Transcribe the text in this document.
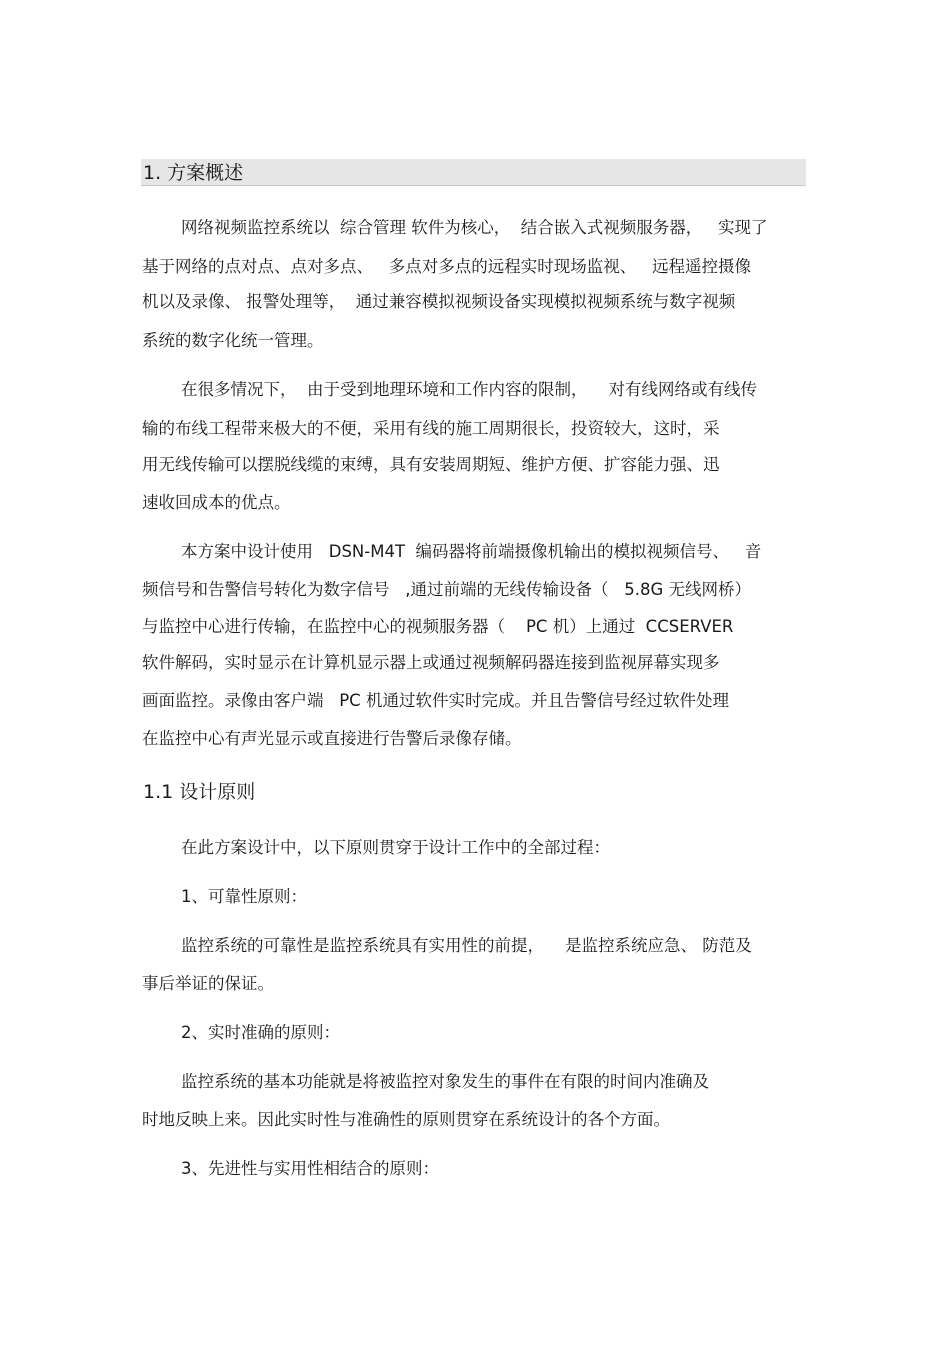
1. 方案概述
网络视频监控系统以  综合管理 软件为核心，  结合嵌入式视频服务器，   实现了
基于网络的点对点、点对多点、   多点对多点的远程实时现场监视、   远程遥控摄像
机以及录像、 报警处理等，  通过兼容模拟视频设备实现模拟视频系统与数字视频
系统的数字化统一管理。
在很多情况下，  由于受到地理环境和工作内容的限制，    对有线网络或有线传
输的布线工程带来极大的不便，采用有线的施工周期很长，投资较大，这时，采
用无线传输可以摆脱线缆的束缚，具有安装周期短、维护方便、扩容能力强、迅
速收回成本的优点。
本方案中设计使用   DSN-M4T  编码器将前端摄像机输出的模拟视频信号、   音
频信号和告警信号转化为数字信号   ,通过前端的无线传输设备（   5.8G 无线网桥）
与监控中心进行传输，在监控中心的视频服务器（    PC 机）上通过  CCSERVER
软件解码，实时显示在计算机显示器上或通过视频解码器连接到监视屏幕实现多
画面监控。录像由客户端   PC 机通过软件实时完成。并且告警信号经过软件处理
在监控中心有声光显示或直接进行告警后录像存储。
1.1 设计原则
在此方案设计中，以下原则贯穿于设计工作中的全部过程：
1、可靠性原则：
监控系统的可靠性是监控系统具有实用性的前提，    是监控系统应急、 防范及
事后举证的保证。
2、实时准确的原则：
监控系统的基本功能就是将被监控对象发生的事件在有限的时间内准确及
时地反映上来。因此实时性与准确性的原则贯穿在系统设计的各个方面。
3、先进性与实用性相结合的原则：
